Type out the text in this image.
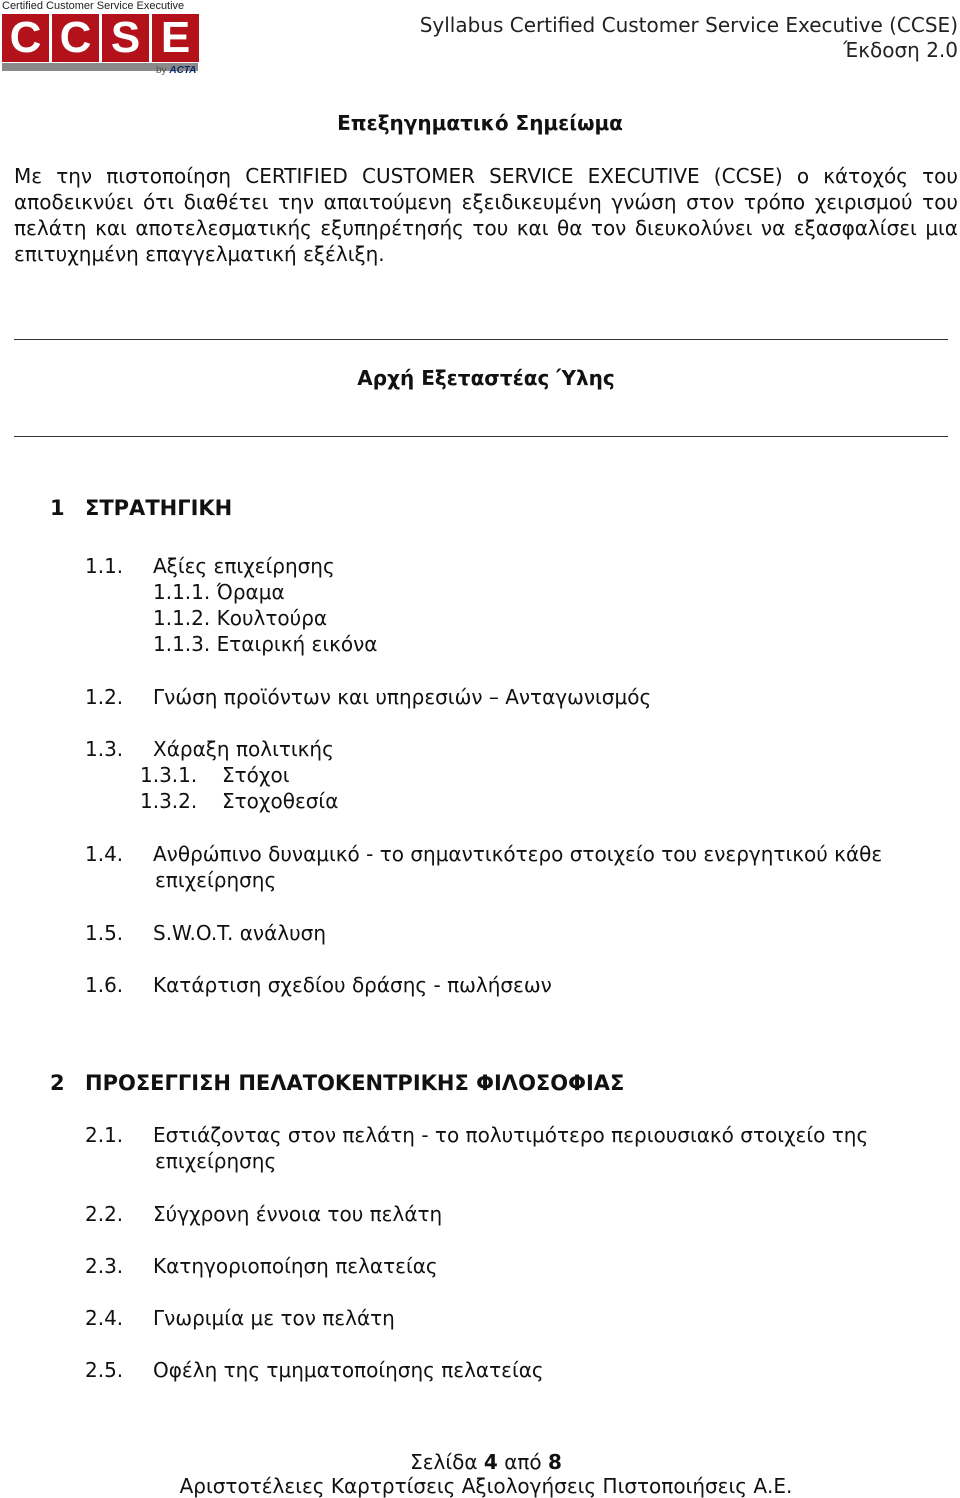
Certified Customer Service Executive
C C S E
by ACTA
Syllabus Certified Customer Service Executive (CCSE)
Έκδοση 2.0
Επεξηγηματικό Σημείωμα

Με την πιστοποίηση CERTIFIED CUSTOMER SERVICE EXECUTIVE (CCSE) ο κάτοχός του αποδεικνύει ότι διαθέτει την απαιτούμενη εξειδικευμένη γνώση στον τρόπο χειρισμού του πελάτη και αποτελεσματικής εξυπηρέτησής του και θα τον διευκολύνει να εξασφαλίσει μια επιτυχημένη επαγγελματική εξέλιξη.

Αρχή Εξεταστέας Ύλης
1 ΣΤΡΑΤΗΓΙΚΗ
1.1. Αξίες επιχείρησης
1.1.1. Όραμα
1.1.2. Κουλτούρα
1.1.3. Εταιρική εικόνα
1.2. Γνώση προϊόντων και υπηρεσιών – Ανταγωνισμός
1.3. Χάραξη πολιτικής
1.3.1. Στόχοι
1.3.2. Στοχοθεσία
1.4. Ανθρώπινο δυναμικό - το σημαντικότερο στοιχείο του ενεργητικού κάθε
επιχείρησης
1.5. S.W.O.T. ανάλυση
1.6. Κατάρτιση σχεδίου δράσης - πωλήσεων
2 ΠΡΟΣΕΓΓΙΣΗ ΠΕΛΑΤΟΚΕΝΤΡΙΚΗΣ ΦΙΛΟΣΟΦΙΑΣ
2.1. Εστιάζοντας στον πελάτη - το πολυτιμότερο περιουσιακό στοιχείο της
επιχείρησης
2.2. Σύγχρονη έννοια του πελάτη
2.3. Κατηγοριοποίηση πελατείας
2.4. Γνωριμία με τον πελάτη
2.5. Οφέλη της τμηματοποίησης πελατείας
Σελίδα 4 από 8
Αριστοτέλειες Καρτρτίσεις Αξιολογήσεις Πιστοποιήσεις Α.Ε.
